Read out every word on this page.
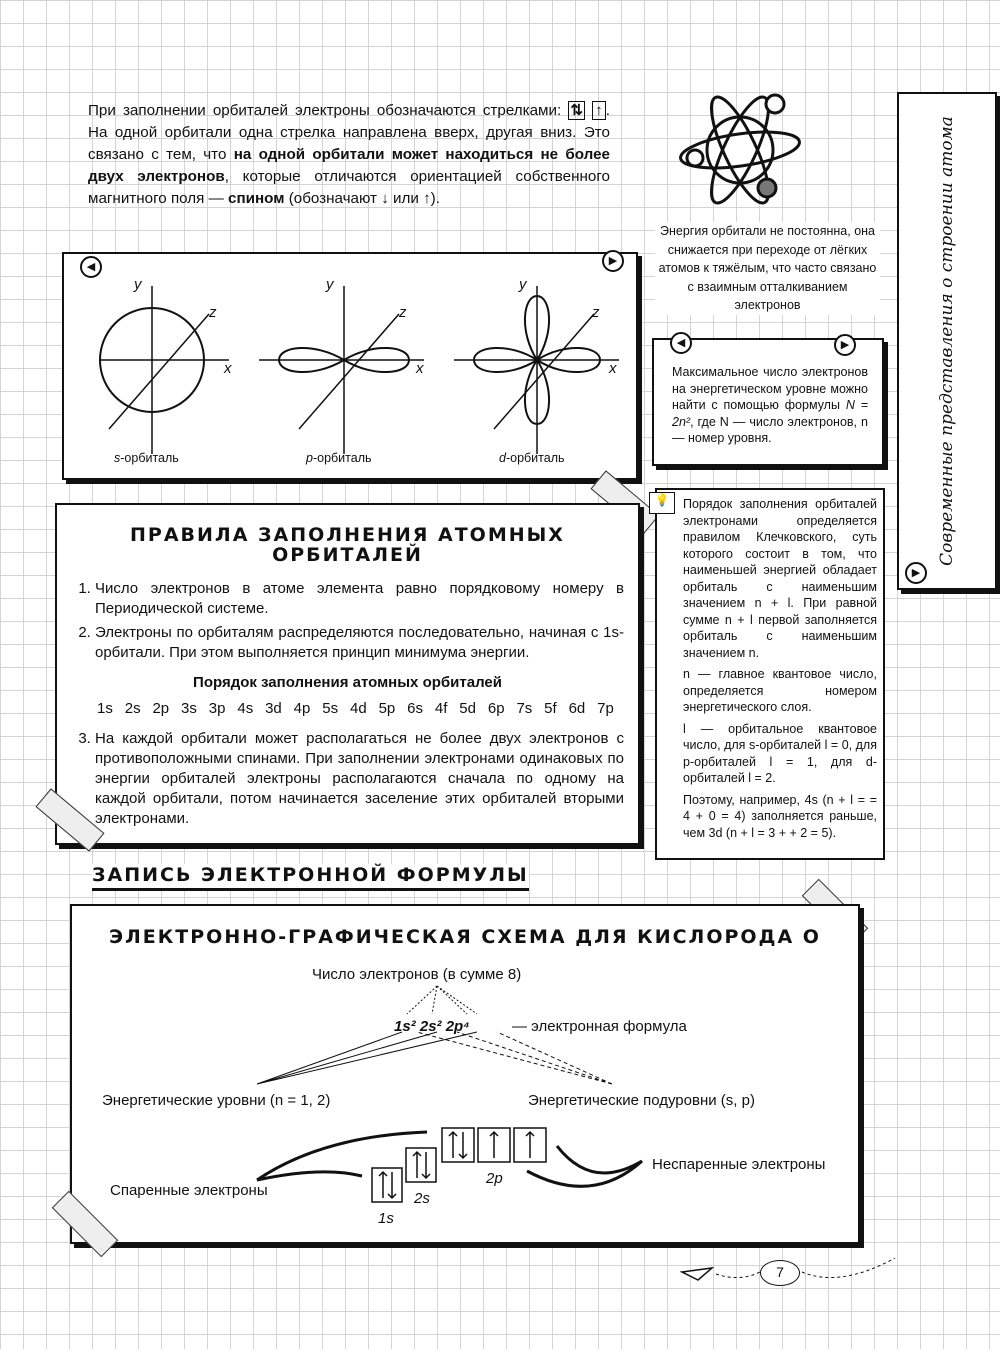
При заполнении орбиталей электроны обозначаются стрелками: ⇅ ↑ . На одной орбитали одна стрелка направлена вверх, другая вниз. Это связано с тем, что на одной орбитали может находиться не более двух электронов, которые отличаются ориентацией собственного магнитного поля — спином (обозначают ↓ или ↑).

Энергия орбитали не постоянна, она снижается при переходе от лёгких атомов к тяжёлым, что часто связано с взаимным отталкиванием электронов	Современные представления о строении атома
▶
◀	▶
y
z
x
y
z
x
y
z
x
s-орбиталь	p-орбиталь	d-орбиталь
◀	▶

Максимальное число электронов на энергетическом уровне можно найти с помощью формулы N = 2n², где N — число электронов, n — номер уровня.

ПРАВИЛА ЗАПОЛНЕНИЯ АТОМНЫХ ОРБИТАЛЕЙ
1. Число электронов в атоме элемента равно порядковому номеру в Периодической системе.
2. Электроны по орбиталям распределяются последовательно, начиная с 1s-орбитали. При этом выполняется принцип минимума энергии.
Порядок заполнения атомных орбиталей
1s 2s 2p 3s 3p 4s 3d 4p 5s 4d 5p 6s 4f 5d 6p 7s 5f 6d 7p
3. На каждой орбитали может располагаться не более двух электронов с противоположными спинами. При заполнении электронами одинаковых по энергии орбиталей электроны располагаются сначала по одному на каждой орбитали, потом начинается заселение этих орбиталей вторыми электронами.
💡	Порядок заполнения орбиталей электронами определяется правилом Клечковского, суть которого состоит в том, что наименьшей энергией обладает орбиталь с наименьшим значением n + l. При равной сумме n + l первой заполняется орбиталь с наименьшим значением n.

n — главное квантовое число, определяется номером энергетического слоя.

l — орбитальное квантовое число, для s-орбиталей l = 0, для p-орбиталей l = 1, для d-орбиталей l = 2.

Поэтому, например, 4s (n + l = = 4 + 0 = 4) заполняется раньше, чем 3d (n + l = 3 + + 2 = 5).

ЗАПИСЬ ЭЛЕКТРОННОЙ ФОРМУЛЫ
ЭЛЕКТРОННО-ГРАФИЧЕСКАЯ СХЕМА ДЛЯ КИСЛОРОДА О
Число электронов (в сумме 8)
1s² 2s² 2p⁴	— электронная формула
Энергетические уровни (n = 1, 2)	Энергетические подуровни (s, p)
Спаренные электроны
Неспаренные электроны
1s
2s
2p
7
